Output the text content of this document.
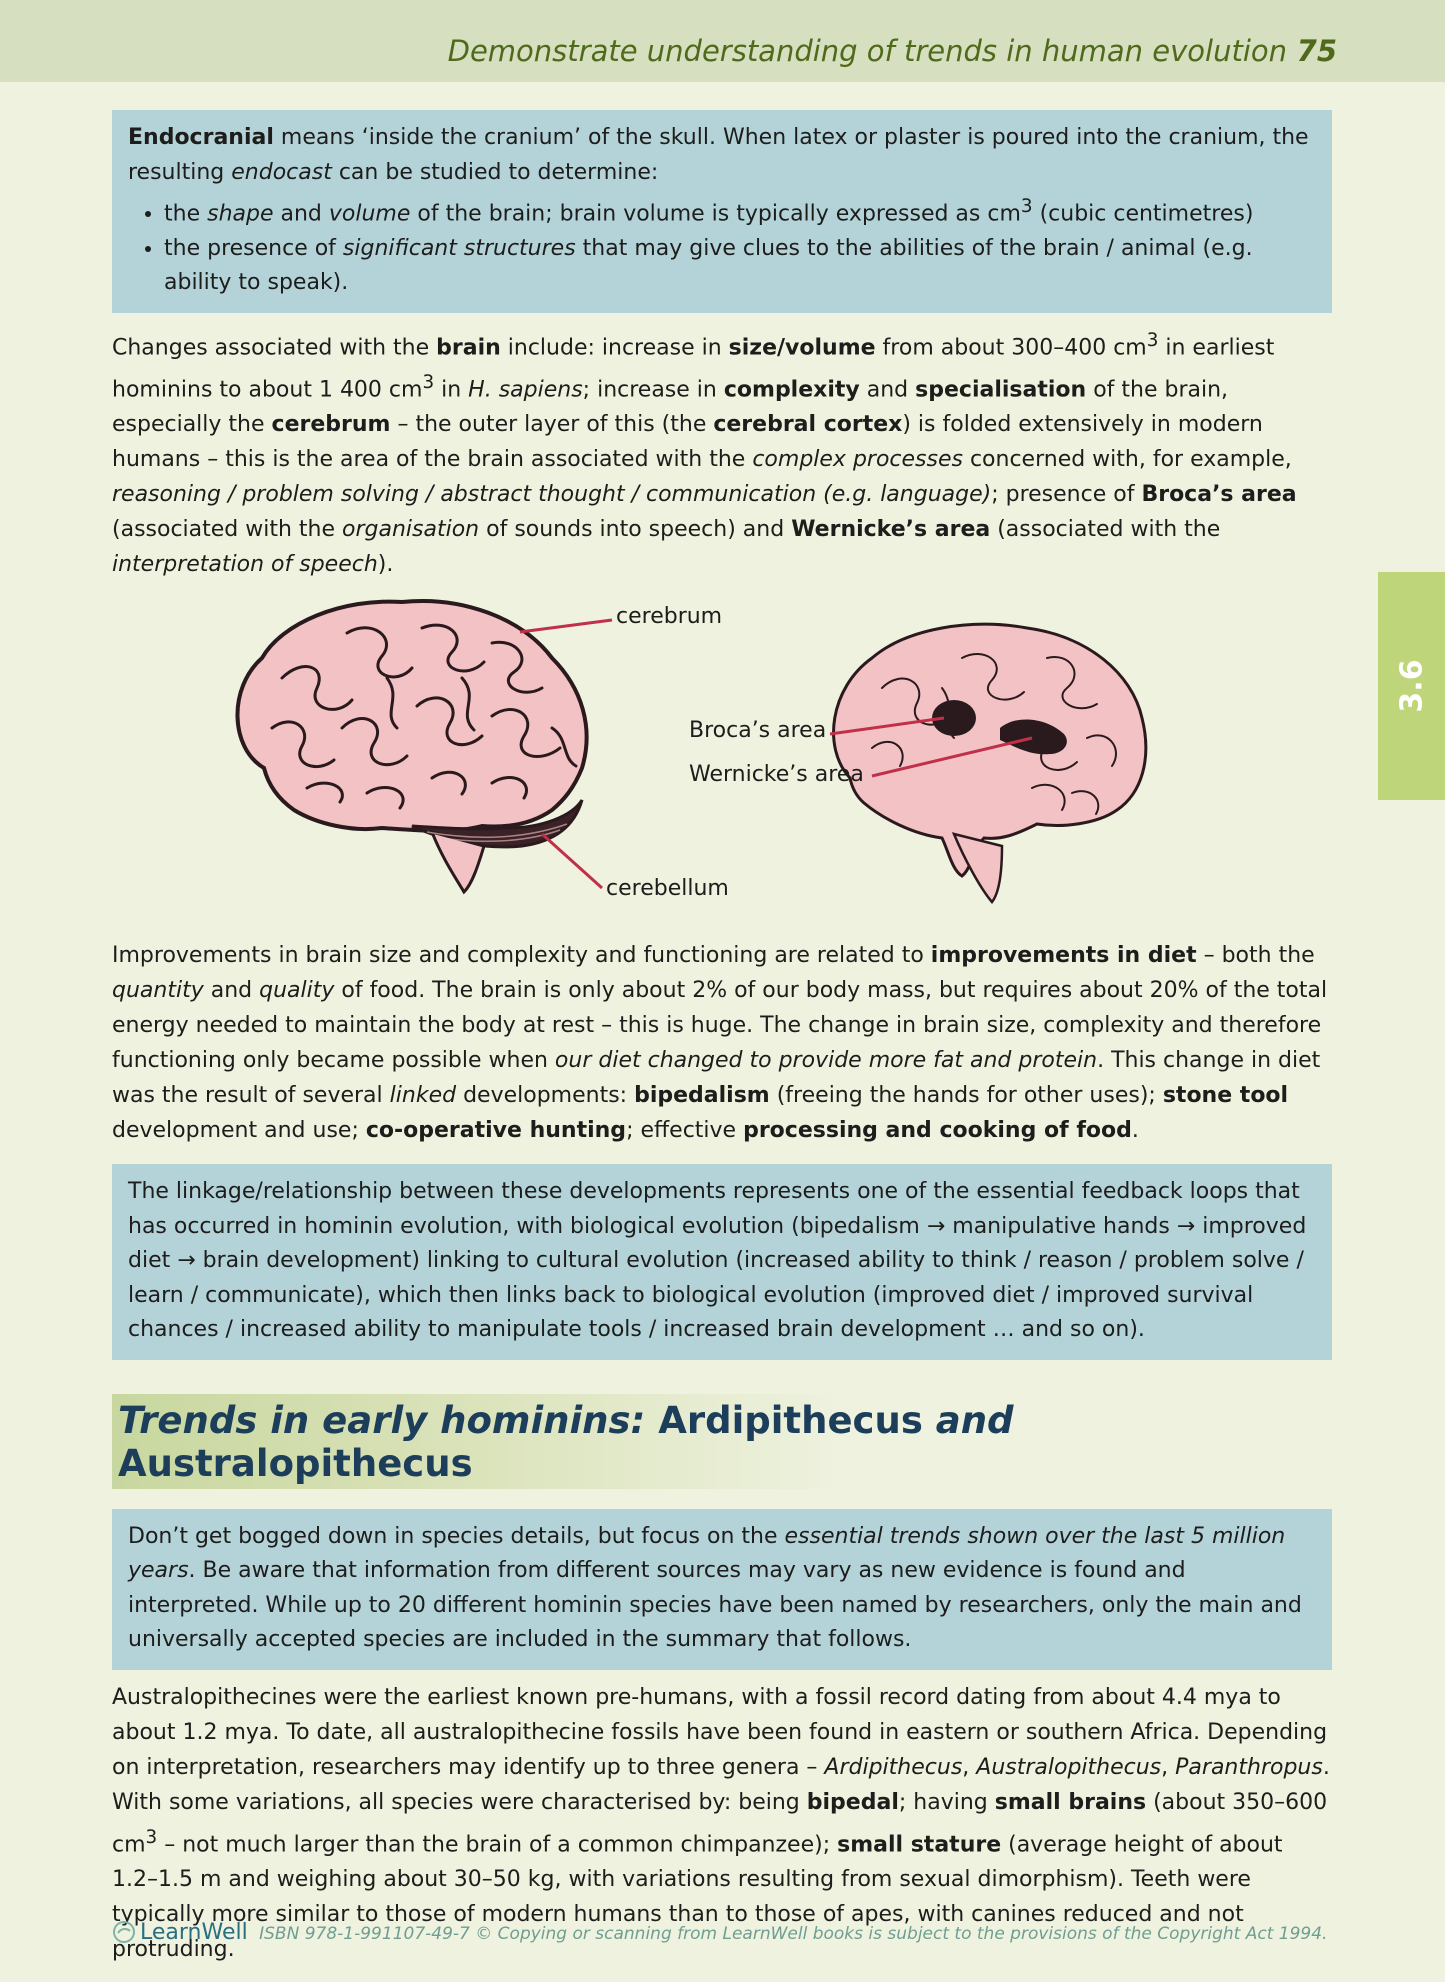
Demonstrate understanding of trends in human evolution 75
3.6
Endocranial means ‘inside the cranium’ of the skull. When latex or plaster is poured into the cranium, the resulting endocast can be studied to determine:
• the shape and volume of the brain; brain volume is typically expressed as $cm^3$ (cubic centimetres)
• the presence of significant structures that may give clues to the abilities of the brain / animal (e.g. ability to speak).

Changes associated with the brain include: increase in size/volume from about 300–400 $cm^3$ in earliest hominins to about 1 400 $cm^3$ in H. sapiens; increase in complexity and specialisation of the brain, especially the cerebrum – the outer layer of this (the cerebral cortex) is folded extensively in modern humans – this is the area of the brain associated with the complex processes concerned with, for example, reasoning / problem solving / abstract thought / communication (e.g. language); presence of Broca’s area (associated with the organisation of sounds into speech) and Wernicke’s area (associated with the interpretation of speech).

cerebrum
cerebellum
Broca’s area
Wernicke’s area

Improvements in brain size and complexity and functioning are related to improvements in diet – both the quantity and quality of food. The brain is only about 2% of our body mass, but requires about 20% of the total energy needed to maintain the body at rest – this is huge. The change in brain size, complexity and therefore functioning only became possible when our diet changed to provide more fat and protein. This change in diet was the result of several linked developments: bipedalism (freeing the hands for other uses); stone tool development and use; co-operative hunting; effective processing and cooking of food.

The linkage/relationship between these developments represents one of the essential feedback loops that has occurred in hominin evolution, with biological evolution (bipedalism → manipulative hands → improved diet → brain development) linking to cultural evolution (increased ability to think / reason / problem solve / learn / communicate), which then links back to biological evolution (improved diet / improved survival chances / increased ability to manipulate tools / increased brain development … and so on).
Trends in early hominins: Ardipithecus and Australopithecus
Don’t get bogged down in species details, but focus on the essential trends shown over the last 5 million years. Be aware that information from different sources may vary as new evidence is found and interpreted. While up to 20 different hominin species have been named by researchers, only the main and universally accepted species are included in the summary that follows.

Australopithecines were the earliest known pre-humans, with a fossil record dating from about 4.4 mya to about 1.2 mya. To date, all australopithecine fossils have been found in eastern or southern Africa. Depending on interpretation, researchers may identify up to three genera – Ardipithecus, Australopithecus, Paranthropus. With some variations, all species were characterised by: being bipedal; having small brains (about 350–600 $cm^3$ – not much larger than the brain of a common chimpanzee); small stature (average height of about 1.2–1.5 m and weighing about 30–50 kg, with variations resulting from sexual dimorphism). Teeth were typically more similar to those of modern humans than to those of apes, with canines reduced and not protruding.

LearnWell ISBN 978-1-991107-49-7 © Copying or scanning from LearnWell books is subject to the provisions of the Copyright Act 1994.
